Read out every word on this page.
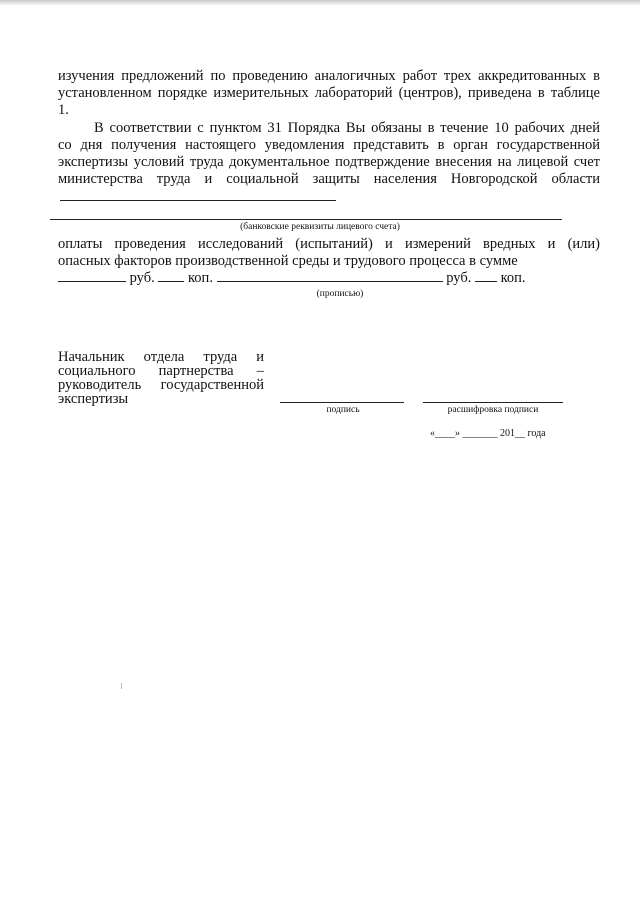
изучения предложений по проведению аналогичных работ трех аккредитованных в
установленном порядке измерительных лабораторий (центров), приведена в таблице
1.
В соответствии с пунктом 31 Порядка Вы обязаны в течение 10 рабочих дней
со дня получения настоящего уведомления представить в орган государственной
экспертизы условий труда документальное подтверждение внесения на лицевой счет
министерства труда и социальной защиты населения Новгородской области
(банковские реквизиты лицевого счета)
оплаты проведения исследований (испытаний) и измерений вредных и (или)
опасных факторов производственной среды и трудового процесса в сумме
руб. коп.	руб. коп.
(прописью)
Начальник отдела труда и
социального партнерства –
руководитель государственной
экспертизы
подпись	расшифровка подписи
«____» _______ 201__ года
